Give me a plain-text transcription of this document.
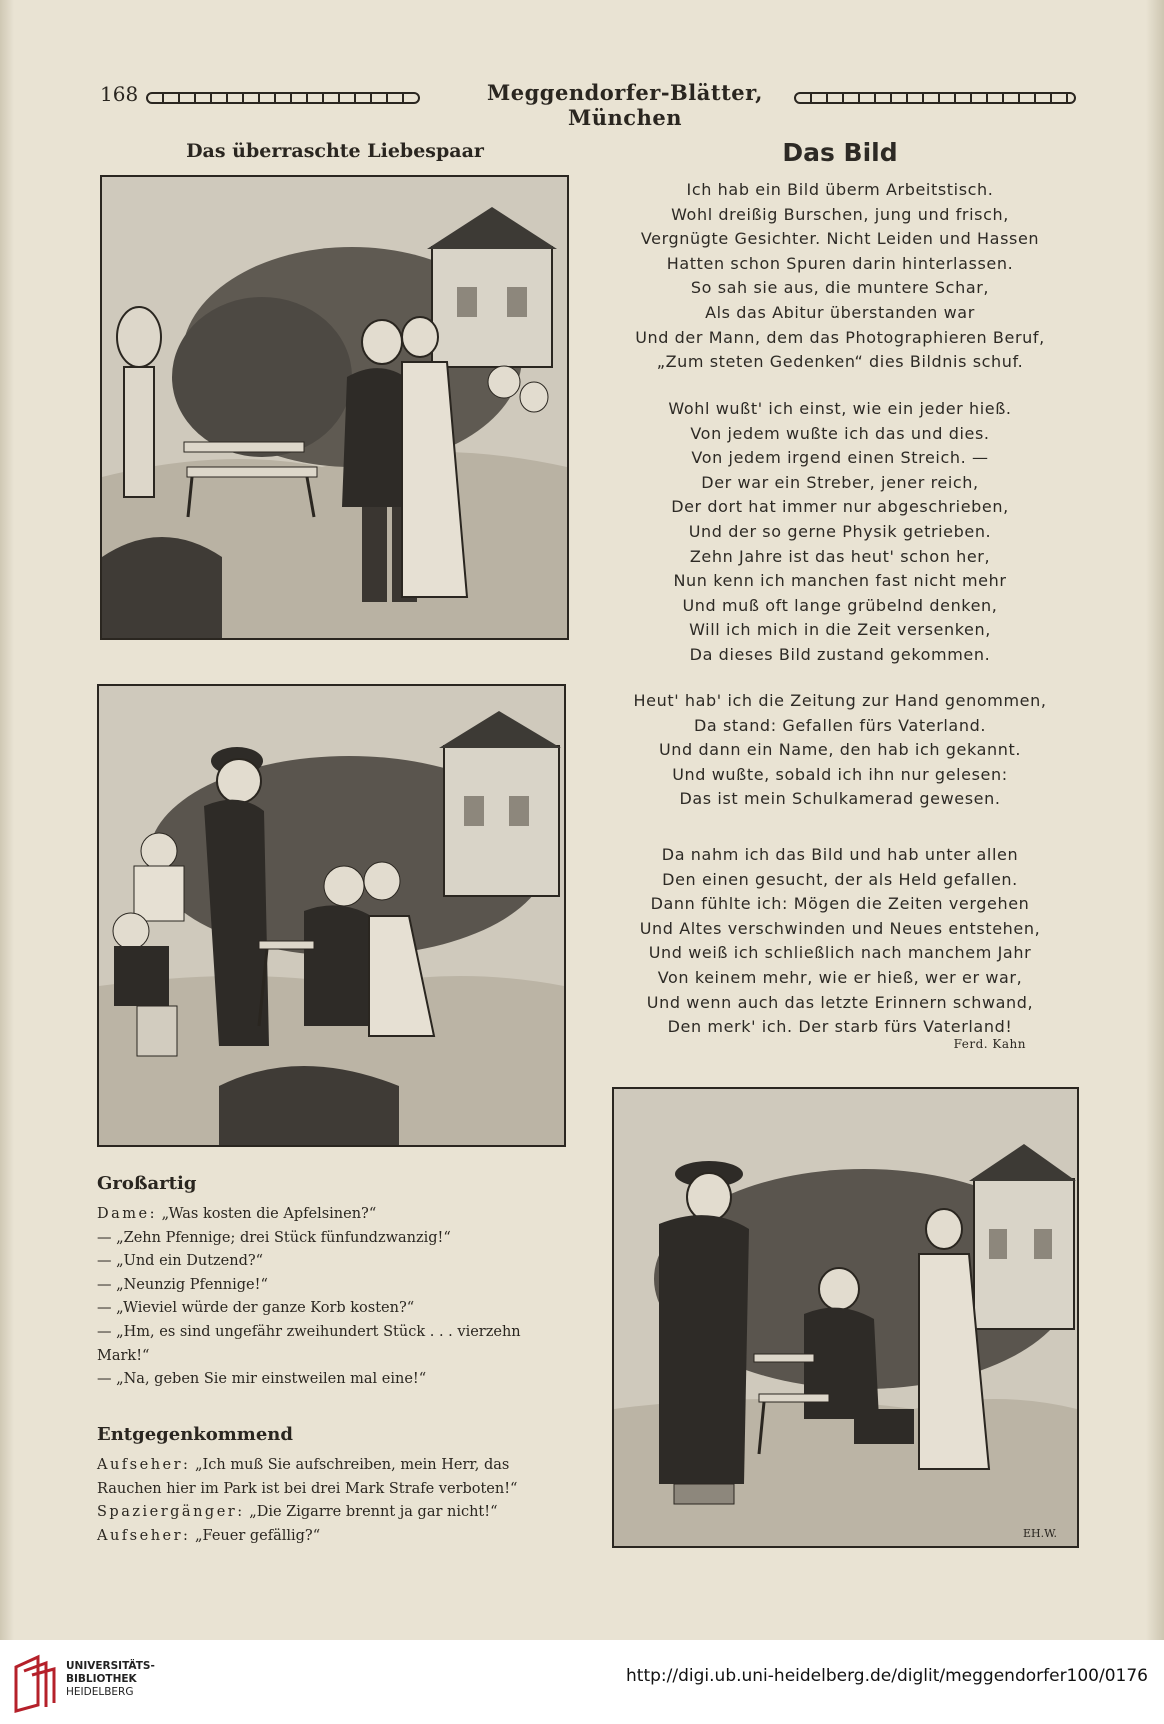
168	Meggendorfer-Blätter, München
Das überraschte Liebespaar	Das Bild
Ich hab ein Bild überm Arbeitstisch.
Wohl dreißig Burschen, jung und frisch,
Vergnügte Gesichter. Nicht Leiden und Hassen
Hatten schon Spuren darin hinterlassen.
So sah sie aus, die muntere Schar,
Als das Abitur überstanden war
Und der Mann, dem das Photographieren Beruf,
„Zum steten Gedenken“ dies Bildnis schuf.
Wohl wußt' ich einst, wie ein jeder hieß.
Von jedem wußte ich das und dies.
Von jedem irgend einen Streich. —
Der war ein Streber, jener reich,
Der dort hat immer nur abgeschrieben,
Und der so gerne Physik getrieben.
Zehn Jahre ist das heut' schon her,
Nun kenn ich manchen fast nicht mehr
Und muß oft lange grübelnd denken,
Will ich mich in die Zeit versenken,
Da dieses Bild zustand gekommen.
Heut' hab' ich die Zeitung zur Hand genommen,
Da stand: Gefallen fürs Vaterland.
Und dann ein Name, den hab ich gekannt.
Und wußte, sobald ich ihn nur gelesen:
Das ist mein Schulkamerad gewesen.
Da nahm ich das Bild und hab unter allen
Den einen gesucht, der als Held gefallen.
Dann fühlte ich: Mögen die Zeiten vergehen
Und Altes verschwinden und Neues entstehen,
Und weiß ich schließlich nach manchem Jahr
Von keinem mehr, wie er hieß, wer er war,
Und wenn auch das letzte Erinnern schwand,
Den merk' ich. Der starb fürs Vaterland!
Ferd. Kahn
EH.W.
Großartig
Dame: „Was kosten die Apfelsinen?“
— „Zehn Pfennige; drei Stück fünfundzwanzig!“
— „Und ein Dutzend?“
— „Neunzig Pfennige!“
— „Wieviel würde der ganze Korb kosten?“
— „Hm, es sind ungefähr zweihundert Stück . . . vierzehn
Mark!“
— „Na, geben Sie mir einstweilen mal eine!“
Entgegenkommend
Aufseher: „Ich muß Sie aufschreiben, mein Herr, das
Rauchen hier im Park ist bei drei Mark Strafe verboten!“
Spaziergänger: „Die Zigarre brennt ja gar nicht!“
Aufseher: „Feuer gefällig?“
UNIVERSITÄTS-
BIBLIOTHEK
HEIDELBERG
http://digi.ub.uni-heidelberg.de/diglit/meggendorfer100/0176
